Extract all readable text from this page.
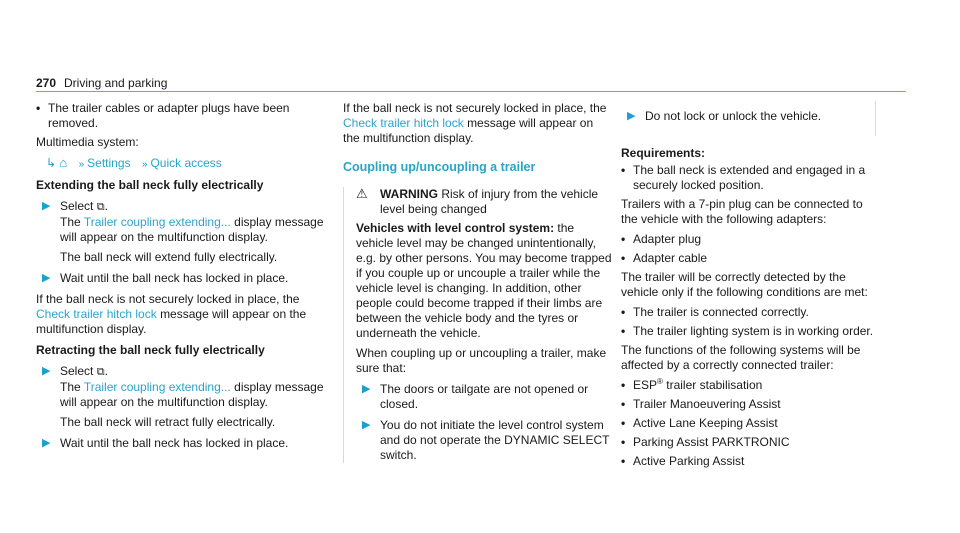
270 Driving and parking
• The trailer cables or adapter plugs have been removed.

Multimedia system:

↳ ⌂ » Settings » Quick access
Extending the ball neck fully electrically
▶ Select ⧉.
The Trailer coupling extending... display message will appear on the multifunction display.
The ball neck will extend fully electrically.
▶ Wait until the ball neck has locked in place.

If the ball neck is not securely locked in place, the Check trailer hitch lock message will appear on the multifunction display.

Retracting the ball neck fully electrically
▶ Select ⧉.
The Trailer coupling extending... display message will appear on the multifunction display.
The ball neck will retract fully electrically.
▶ Wait until the ball neck has locked in place.

If the ball neck is not securely locked in place, the Check trailer hitch lock message will appear on the multifunction display.

Coupling up/uncoupling a trailer
⚠ WARNING Risk of injury from the vehicle level being changed

Vehicles with level control system: the vehicle level may be changed unintentionally, e.g. by other persons. You may become trapped if you couple up or uncouple a trailer while the vehicle level is changing. In addition, other people could become trapped if their limbs are between the vehicle body and the tyres or underneath the vehicle.

When coupling up or uncoupling a trailer, make sure that:

▶ The doors or tailgate are not opened or closed.
▶ You do not initiate the level control system and do not operate the DYNAMIC SELECT switch.
▶ Do not lock or unlock the vehicle.
Requirements:
• The ball neck is extended and engaged in a securely locked position.

Trailers with a 7-pin plug can be connected to the vehicle with the following adapters:

• Adapter plug
• Adapter cable

The trailer will be correctly detected by the vehicle only if the following conditions are met:

• The trailer is connected correctly.
• The trailer lighting system is in working order.

The functions of the following systems will be affected by a correctly connected trailer:

• ESP® trailer stabilisation
• Trailer Manoeuvering Assist
• Active Lane Keeping Assist
• Parking Assist PARKTRONIC
• Active Parking Assist
